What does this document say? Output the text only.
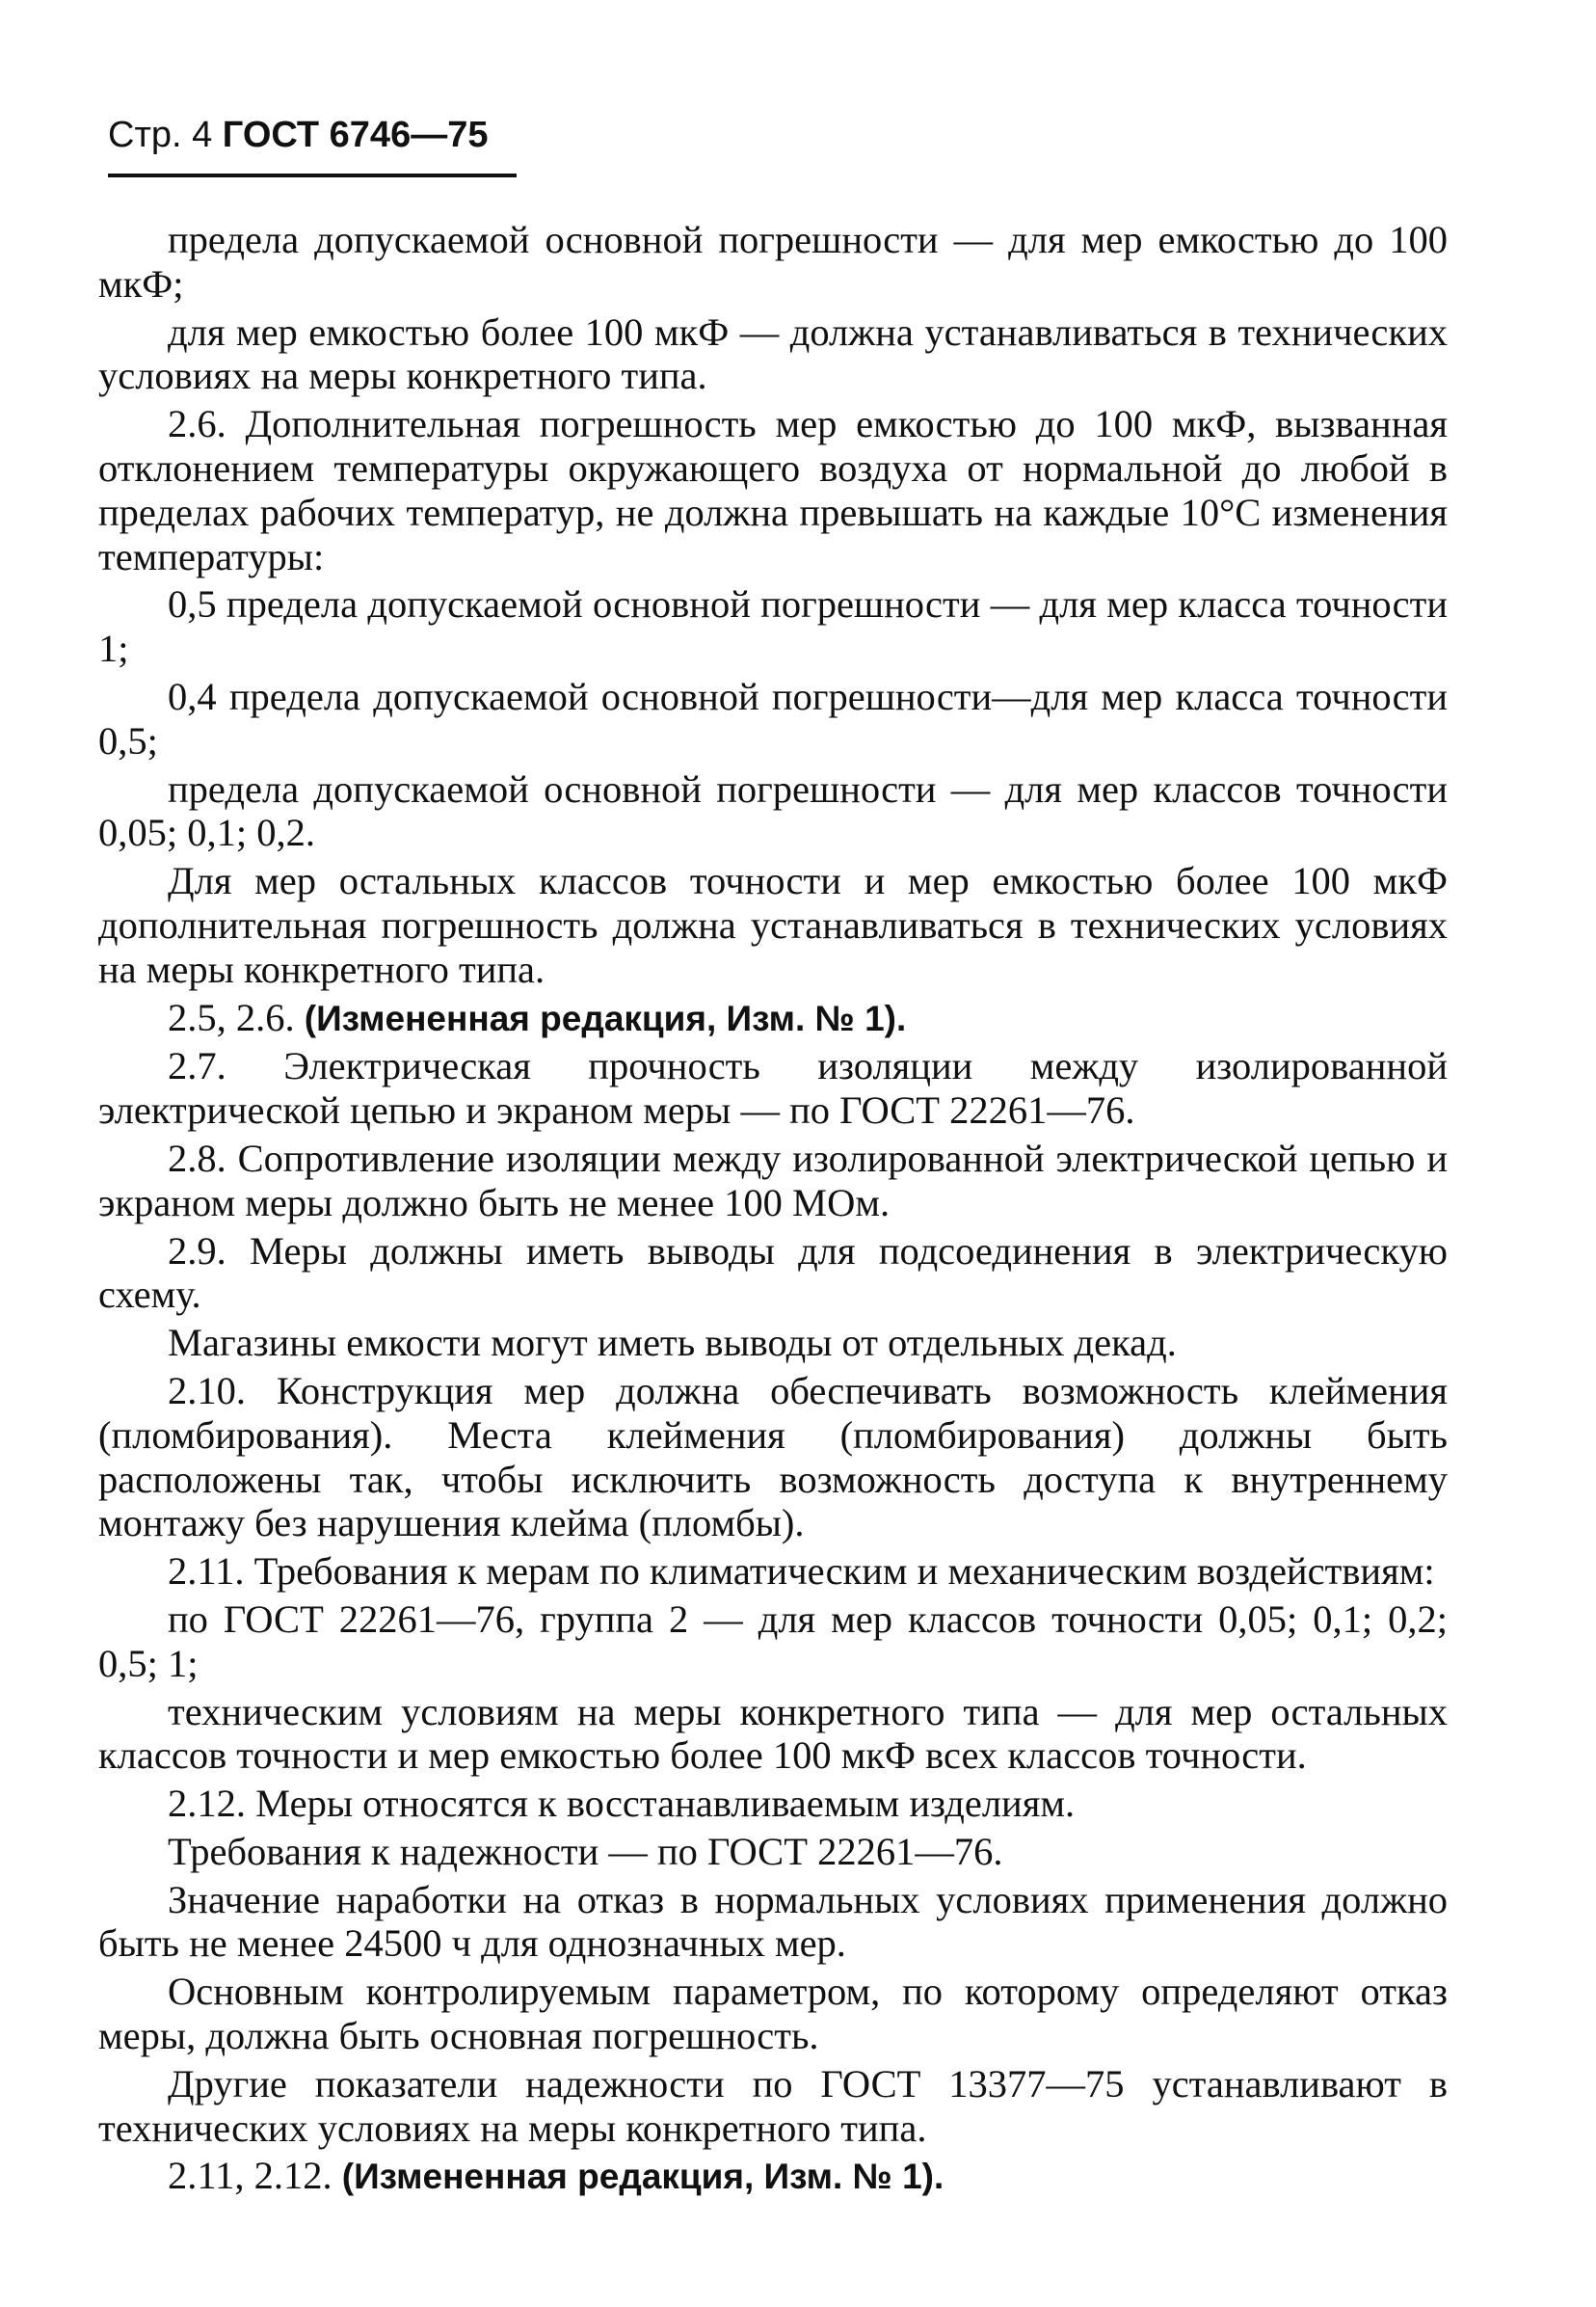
Стр. 4 ГОСТ 6746—75

предела допускаемой основной погрешности — для мер емкостью до 100 мкФ;

для мер емкостью более 100 мкФ — должна устанавливаться в технических условиях на меры конкретного типа.

2.6. Дополнительная погрешность мер емкостью до 100 мкФ, вызванная отклонением температуры окружающего воздуха от нормальной до любой в пределах рабочих температур, не должна превышать на каждые 10°С изменения температуры:

0,5 предела допускаемой основной погрешности — для мер класса точности 1;

0,4 предела допускаемой основной погрешности—для мер класса точности 0,5;

предела допускаемой основной погрешности — для мер классов точности 0,05; 0,1; 0,2.

Для мер остальных классов точности и мер емкостью более 100 мкФ дополнительная погрешность должна устанавливаться в технических условиях на меры конкретного типа.

2.5, 2.6. (Измененная редакция, Изм. № 1).

2.7. Электрическая прочность изоляции между изолированной электрической цепью и экраном меры — по ГОСТ 22261—76.

2.8. Сопротивление изоляции между изолированной электрической цепью и экраном меры должно быть не менее 100 МОм.

2.9. Меры должны иметь выводы для подсоединения в электрическую схему.

Магазины емкости могут иметь выводы от отдельных декад.

2.10. Конструкция мер должна обеспечивать возможность клеймения (пломбирования). Места клеймения (пломбирования) должны быть расположены так, чтобы исключить возможность доступа к внутреннему монтажу без нарушения клейма (пломбы).

2.11. Требования к мерам по климатическим и механическим воздействиям:

по ГОСТ 22261—76, группа 2 — для мер классов точности 0,05; 0,1; 0,2; 0,5; 1;

техническим условиям на меры конкретного типа — для мер остальных классов точности и мер емкостью более 100 мкФ всех классов точности.

2.12. Меры относятся к восстанавливаемым изделиям.

Требования к надежности — по ГОСТ 22261—76.

Значение наработки на отказ в нормальных условиях применения должно быть не менее 24500 ч для однозначных мер.

Основным контролируемым параметром, по которому определяют отказ меры, должна быть основная погрешность.

Другие показатели надежности по ГОСТ 13377—75 устанавливают в технических условиях на меры конкретного типа.

2.11, 2.12. (Измененная редакция, Изм. № 1).
